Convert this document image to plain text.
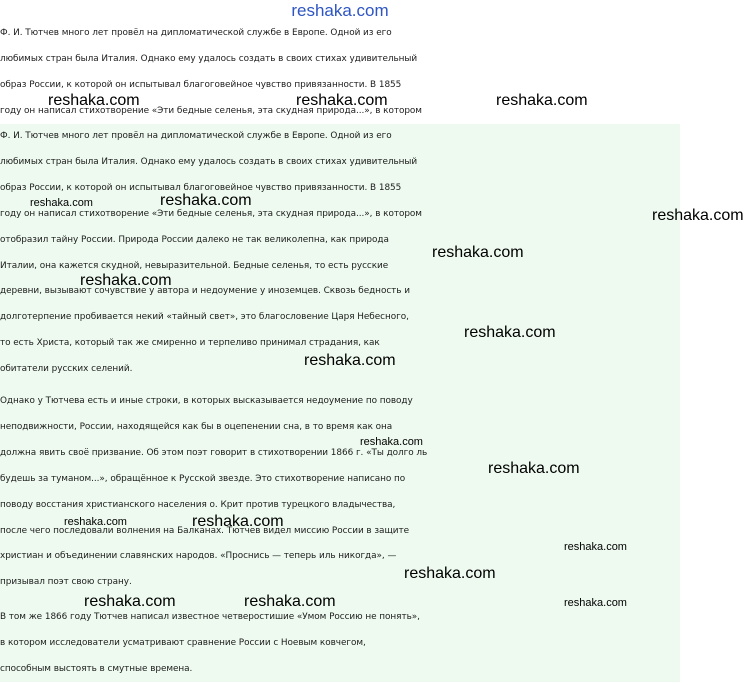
reshaka.com
Ф. И. Тютчев много лет провёл на дипломатической службе в Европе. Одной из его
любимых стран была Италия. Однако ему удалось создать в своих стихах удивительный
образ России, к которой он испытывал благоговейное чувство привязанности. В 1855
году он написал стихотворение «Эти бедные селенья, эта скудная природа...», в котором
Ф. И. Тютчев много лет провёл на дипломатической службе в Европе. Одной из его
любимых стран была Италия. Однако ему удалось создать в своих стихах удивительный
образ России, к которой он испытывал благоговейное чувство привязанности. В 1855
году он написал стихотворение «Эти бедные селенья, эта скудная природа...», в котором
отобразил тайну России. Природа России далеко не так великолепна, как природа
Италии, она кажется скудной, невыразительной. Бедные селенья, то есть русские
деревни, вызывают сочувствие у автора и недоумение у иноземцев. Сквозь бедность и
долготерпение пробивается некий «тайный свет», это благословение Царя Небесного,
то есть Христа, который так же смиренно и терпеливо принимал страдания, как
обитатели русских селений.
Однако у Тютчева есть и иные строки, в которых высказывается недоумение по поводу
неподвижности, России, находящейся как бы в оцепенении сна, в то время как она
должна явить своё призвание. Об этом поэт говорит в стихотворении 1866 г. «Ты долго ль
будешь за туманом...», обращённое к Русской звезде. Это стихотворение написано по
поводу восстания христианского населения о. Крит против турецкого владычества,
после чего последовали волнения на Балканах. Тютчев видел миссию России в защите
христиан и объединении славянских народов. «Проснись — теперь иль никогда», —
призывал поэт свою страну.
В том же 1866 году Тютчев написал известное четверостишие «Умом Россию не понять»,
в котором исследователи усматривают сравнение России с Ноевым ковчегом,
способным выстоять в смутные времена.
reshaka.com	reshaka.com	reshaka.com
reshaka.com	reshaka.com
reshaka.com
reshaka.com
reshaka.com
reshaka.com
reshaka.com
reshaka.com
reshaka.com
reshaka.com	reshaka.com
reshaka.com
reshaka.com
reshaka.com	reshaka.com	reshaka.com
